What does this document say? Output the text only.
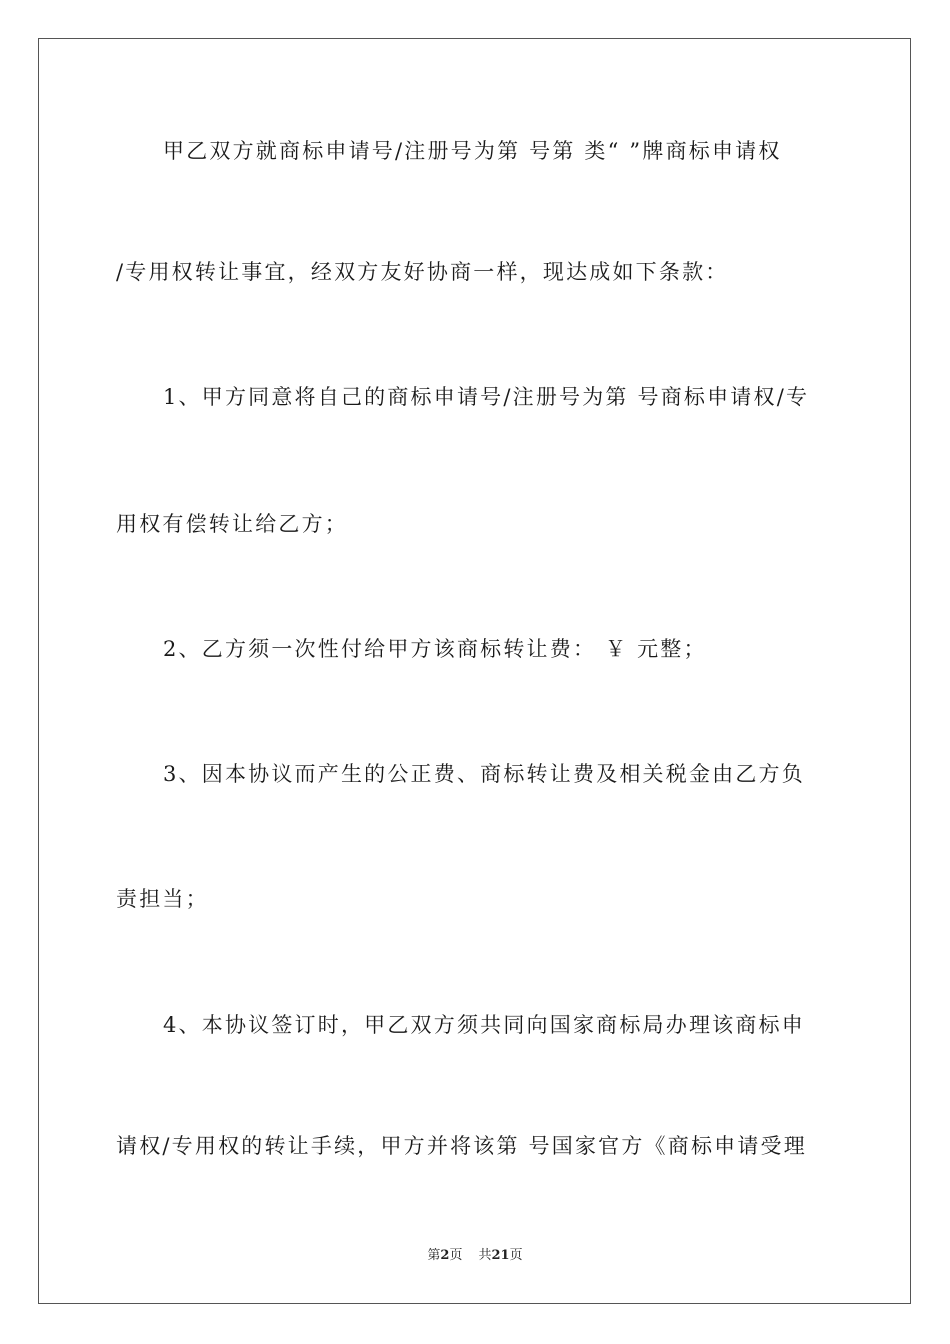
甲乙双方就商标申请号/注册号为第 号第 类“ ”牌商标申请权
/专用权转让事宜，经双方友好协商一样，现达成如下条款：
1、甲方同意将自己的商标申请号/注册号为第 号商标申请权/专
用权有偿转让给乙方；
2、乙方须一次性付给甲方该商标转让费： ￥ 元整；
3、因本协议而产生的公正费、商标转让费及相关税金由乙方负
责担当；
4、本协议签订时，甲乙双方须共同向国家商标局办理该商标申
请权/专用权的转让手续，甲方并将该第 号国家官方《商标申请受理
第2页 共21页
